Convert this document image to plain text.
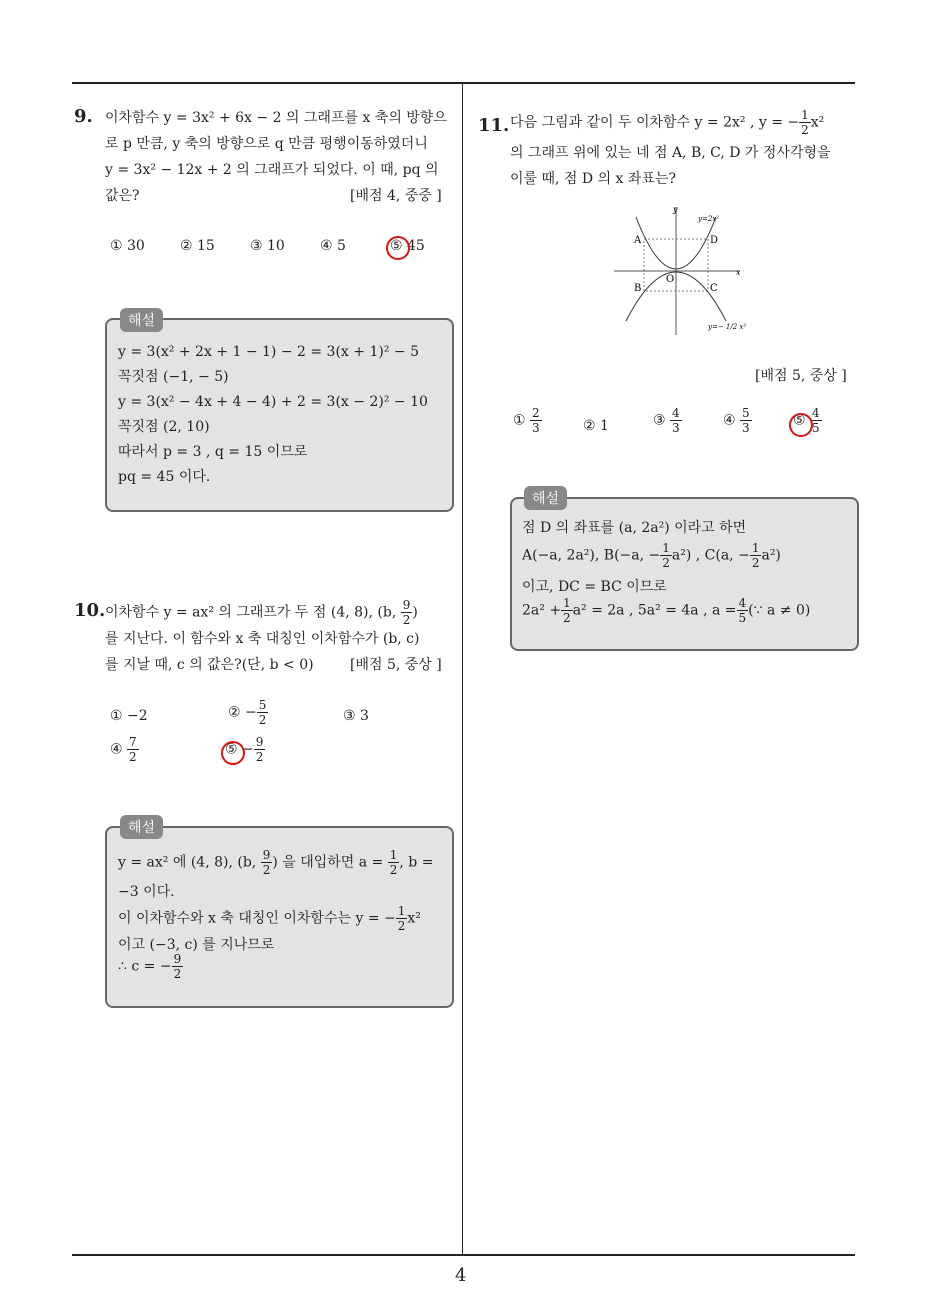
4
9. 이차함수 y = 3x² + 6x − 2 의 그래프를 x 축의 방향으
로 p 만큼, y 축의 방향으로 q 만큼 평행이동하였더니
y = 3x² − 12x + 2 의 그래프가 되었다. 이 때, pq 의
값은?	[배점 4, 중중 ]
① 30	② 15	③ 10	④ 5	⑤ 45
해설
y = 3(x² + 2x + 1 − 1) − 2 = 3(x + 1)² − 5
꼭짓점 (−1, − 5)
y = 3(x² − 4x + 4 − 4) + 2 = 3(x − 2)² − 10
꼭짓점 (2, 10)
따라서 p = 3 , q = 15 이므로
pq = 45 이다.
10. 이차함수 y = ax² 의 그래프가 두 점 (4, 8), (b, $\frac{9}{2}$ )
를 지난다. 이 함수와 x 축 대칭인 이차함수가 (b, c)
를 지날 때, c 의 값은?(단, b < 0)	[배점 5, 중상 ]
① −2	② − $\frac{5}{2}$	③ 3
④ $\frac{7}{2}$	⑤ − $\frac{9}{2}$
해설
y = ax² 에 (4, 8), (b, $\frac{9}{2}$ ) 을 대입하면 $a = \frac{1}{2}$ , b =
−3 이다.
이 이차함수와 x 축 대칭인 이차함수는 y = − $\frac{1}{2} x^2$
이고 (−3, c) 를 지나므로
∴ c = − $\frac{9}{2}$
11. 다음 그림과 같이 두 이차함수 y = 2x² , y = − $\frac{1}{2} x^2$
의 그래프 위에 있는 네 점 A, B, C, D 가 정사각형을
이룰 때, 점 D 의 x 좌표는?
A	D
B	C
O
x
y
y=2x²
y=− 1/2 x²
[배점 5, 중상 ]
① $\frac{2}{3}$	② 1	③ $\frac{4}{3}$	④ $\frac{5}{3}$	⑤ $\frac{4}{5}$
해설
점 D 의 좌표를 (a, 2a²) 이라고 하면
A(−a, 2a²), B(−a, − $\frac{1}{2} a^2$) , C(a, − $\frac{1}{2} a^2$)
이고, DC = BC 이므로
$2a^2 + \frac{1}{2} a^2 = 2a$ , 5a² = 4a , $a = \frac{4}{5}$ (∵ a ≠ 0)
